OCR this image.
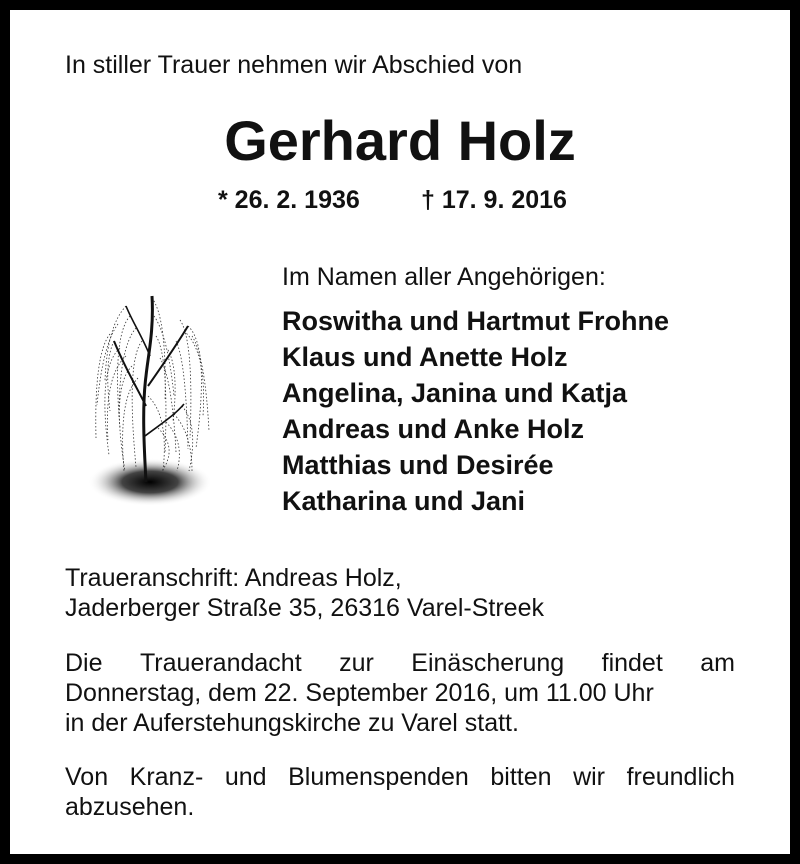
In stiller Trauer nehmen wir Abschied von
Gerhard Holz
* 26. 2. 1936 † 17. 9. 2016
Im Namen aller Angehörigen:
Roswitha und Hartmut Frohne
Klaus und Anette Holz
Angelina, Janina und Katja
Andreas und Anke Holz
Matthias und Desirée
Katharina und Jani
Traueranschrift: Andreas Holz,
Jaderberger Straße 35, 26316 Varel-Streek
Die Trauerandacht zur Einäscherung findet am
Donnerstag, dem 22. September 2016, um 11.00 Uhr
in der Auferstehungskirche zu Varel statt.
Von Kranz- und Blumenspenden bitten wir freundlich
abzusehen.
